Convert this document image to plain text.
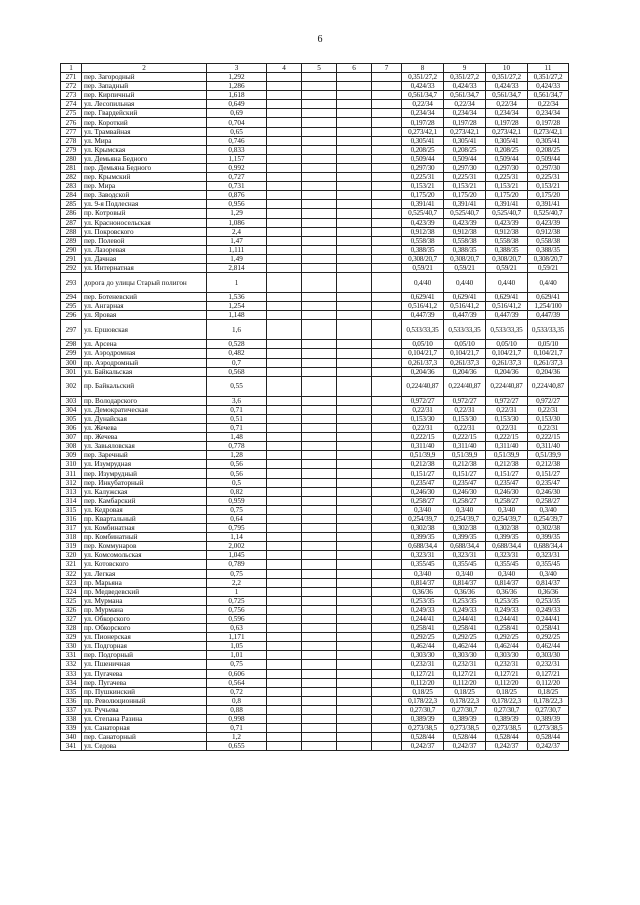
6
1	2	3	4	5	6	7	8	9	10	11
271	пер. Загородный	1,292					0,351/27,2	0,351/27,2	0,351/27,2	0,351/27,2
272	пер. Западный	1,286					0,424/33	0,424/33	0,424/33	0,424/33
273	пер. Кирпичный	1,618					0,561/34,7	0,561/34,7	0,561/34,7	0,561/34,7
274	ул. Лесопильная	0,649					0,22/34	0,22/34	0,22/34	0,22/34
275	пер. Гвардейский	0,69					0,234/34	0,234/34	0,234/34	0,234/34
276	пер. Короткий	0,704					0,197/28	0,197/28	0,197/28	0,197/28
277	ул. Трамвайная	0,65					0,273/42,1	0,273/42,1	0,273/42,1	0,273/42,1
278	ул. Мира	0,746					0,305/41	0,305/41	0,305/41	0,305/41
279	ул. Крымская	0,833					0,208/25	0,208/25	0,208/25	0,208/25
280	ул. Демьяна Бедного	1,157					0,509/44	0,509/44	0,509/44	0,509/44
281	пер. Демьяна Бедного	0,992					0,297/30	0,297/30	0,297/30	0,297/30
282	пер. Крымский	0,727					0,225/31	0,225/31	0,225/31	0,225/31
283	пер. Мира	0,731					0,153/21	0,153/21	0,153/21	0,153/21
284	пер. Заводской	0,876					0,175/20	0,175/20	0,175/20	0,175/20
285	ул. 9-я Подлесная	0,956					0,391/41	0,391/41	0,391/41	0,391/41
286	пр. Котровый	1,29					0,525/40,7	0,525/40,7	0,525/40,7	0,525/40,7
287	ул. Красноносельская	1,086					0,423/39	0,423/39	0,423/39	0,423/39
288	ул. Покровского	2,4					0,912/38	0,912/38	0,912/38	0,912/38
289	пер. Полевой	1,47					0,558/38	0,558/38	0,558/38	0,558/38
290	ул. Лазоревая	1,111					0,388/35	0,388/35	0,388/35	0,388/35
291	ул. Дачная	1,49					0,308/20,7	0,308/20,7	0,308/20,7	0,308/20,7
292	ул. Интернатная	2,814					0,59/21	0,59/21	0,59/21	0,59/21
293	дорога до улицы Старый полигон	1					0,4/40	0,4/40	0,4/40	0,4/40
294	пер. Ботеневский	1,536					0,629/41	0,629/41	0,629/41	0,629/41
295	ул. Ангарная	1,254					0,516/41,2	0,516/41,2	0,516/41,2	1,254/100
296	ул. Яровая	1,148					0,447/39	0,447/39	0,447/39	0,447/39
297	ул. Ершовская	1,6					0,533/33,35	0,533/33,35	0,533/33,35	0,533/33,35
298	ул. Арсена	0,528					0,05/10	0,05/10	0,05/10	0,05/10
299	ул. Аэродромная	0,482					0,104/21,7	0,104/21,7	0,104/21,7	0,104/21,7
300	пр. Аэродромный	0,7					0,261/37,3	0,261/37,3	0,261/37,3	0,261/37,3
301	ул. Байкальская	0,568					0,204/36	0,204/36	0,204/36	0,204/36
302	пр. Байкальский	0,55					0,224/40,87	0,224/40,87	0,224/40,87	0,224/40,87
303	пр. Володарского	3,6					0,972/27	0,972/27	0,972/27	0,972/27
304	ул. Демократическая	0,71					0,22/31	0,22/31	0,22/31	0,22/31
305	ул. Дунайская	0,51					0,153/30	0,153/30	0,153/30	0,153/30
306	ул. Жечева	0,71					0,22/31	0,22/31	0,22/31	0,22/31
307	пр. Жечева	1,48					0,222/15	0,222/15	0,222/15	0,222/15
308	ул. Завьяловская	0,778					0,311/40	0,311/40	0,311/40	0,311/40
309	пер. Заречный	1,28					0,51/39,9	0,51/39,9	0,51/39,9	0,51/39,9
310	ул. Изумрудная	0,56					0,212/38	0,212/38	0,212/38	0,212/38
311	пер. Изумрудный	0,56					0,151/27	0,151/27	0,151/27	0,151/27
312	пер. Инкубаторный	0,5					0,235/47	0,235/47	0,235/47	0,235/47
313	ул. Калужская	0,82					0,246/30	0,246/30	0,246/30	0,246/30
314	пер. Камбарский	0,959					0,258/27	0,258/27	0,258/27	0,258/27
315	ул. Кедровая	0,75					0,3/40	0,3/40	0,3/40	0,3/40
316	пр. Квартальный	0,64					0,254/39,7	0,254/39,7	0,254/39,7	0,254/39,7
317	ул. Комбинатная	0,795					0,302/38	0,302/38	0,302/38	0,302/38
318	пр. Комбинатный	1,14					0,399/35	0,399/35	0,399/35	0,399/35
319	пер. Коммунаров	2,002					0,688/34,4	0,688/34,4	0,688/34,4	0,688/34,4
320	ул. Комсомольская	1,045					0,323/31	0,323/31	0,323/31	0,323/31
321	ул. Котовского	0,789					0,355/45	0,355/45	0,355/45	0,355/45
322	ул. Легкая	0,75					0,3/40	0,3/40	0,3/40	0,3/40
323	пр. Марьяна	2,2					0,814/37	0,814/37	0,814/37	0,814/37
324	пр. Медведевский	1					0,36/36	0,36/36	0,36/36	0,36/36
325	ул. Мурмана	0,725					0,253/35	0,253/35	0,253/35	0,253/35
326	пр. Мурмана	0,756					0,249/33	0,249/33	0,249/33	0,249/33
327	ул. Обкорского	0,596					0,244/41	0,244/41	0,244/41	0,244/41
328	пр. Обкорского	0,63					0,258/41	0,258/41	0,258/41	0,258/41
329	ул. Пионерская	1,171					0,292/25	0,292/25	0,292/25	0,292/25
330	ул. Подгорная	1,05					0,462/44	0,462/44	0,462/44	0,462/44
331	пер. Подгорный	1,01					0,303/30	0,303/30	0,303/30	0,303/30
332	ул. Пшеничная	0,75					0,232/31	0,232/31	0,232/31	0,232/31
333	ул. Пугачева	0,606					0,127/21	0,127/21	0,127/21	0,127/21
334	пер. Пугачева	0,564					0,112/20	0,112/20	0,112/20	0,112/20
335	пр. Пушкинский	0,72					0,18/25	0,18/25	0,18/25	0,18/25
336	пр. Революционный	0,8					0,178/22,3	0,178/22,3	0,178/22,3	0,178/22,3
337	ул. Ручьева	0,88					0,27/30,7	0,27/30,7	0,27/30,7	0,27/30,7
338	ул. Степана Разина	0,998					0,389/39	0,389/39	0,389/39	0,389/39
339	ул. Санаторная	0,71					0,273/38,5	0,273/38,5	0,273/38,5	0,273/38,5
340	пер. Санаторный	1,2					0,528/44	0,528/44	0,528/44	0,528/44
341	ул. Седова	0,655					0,242/37	0,242/37	0,242/37	0,242/37
